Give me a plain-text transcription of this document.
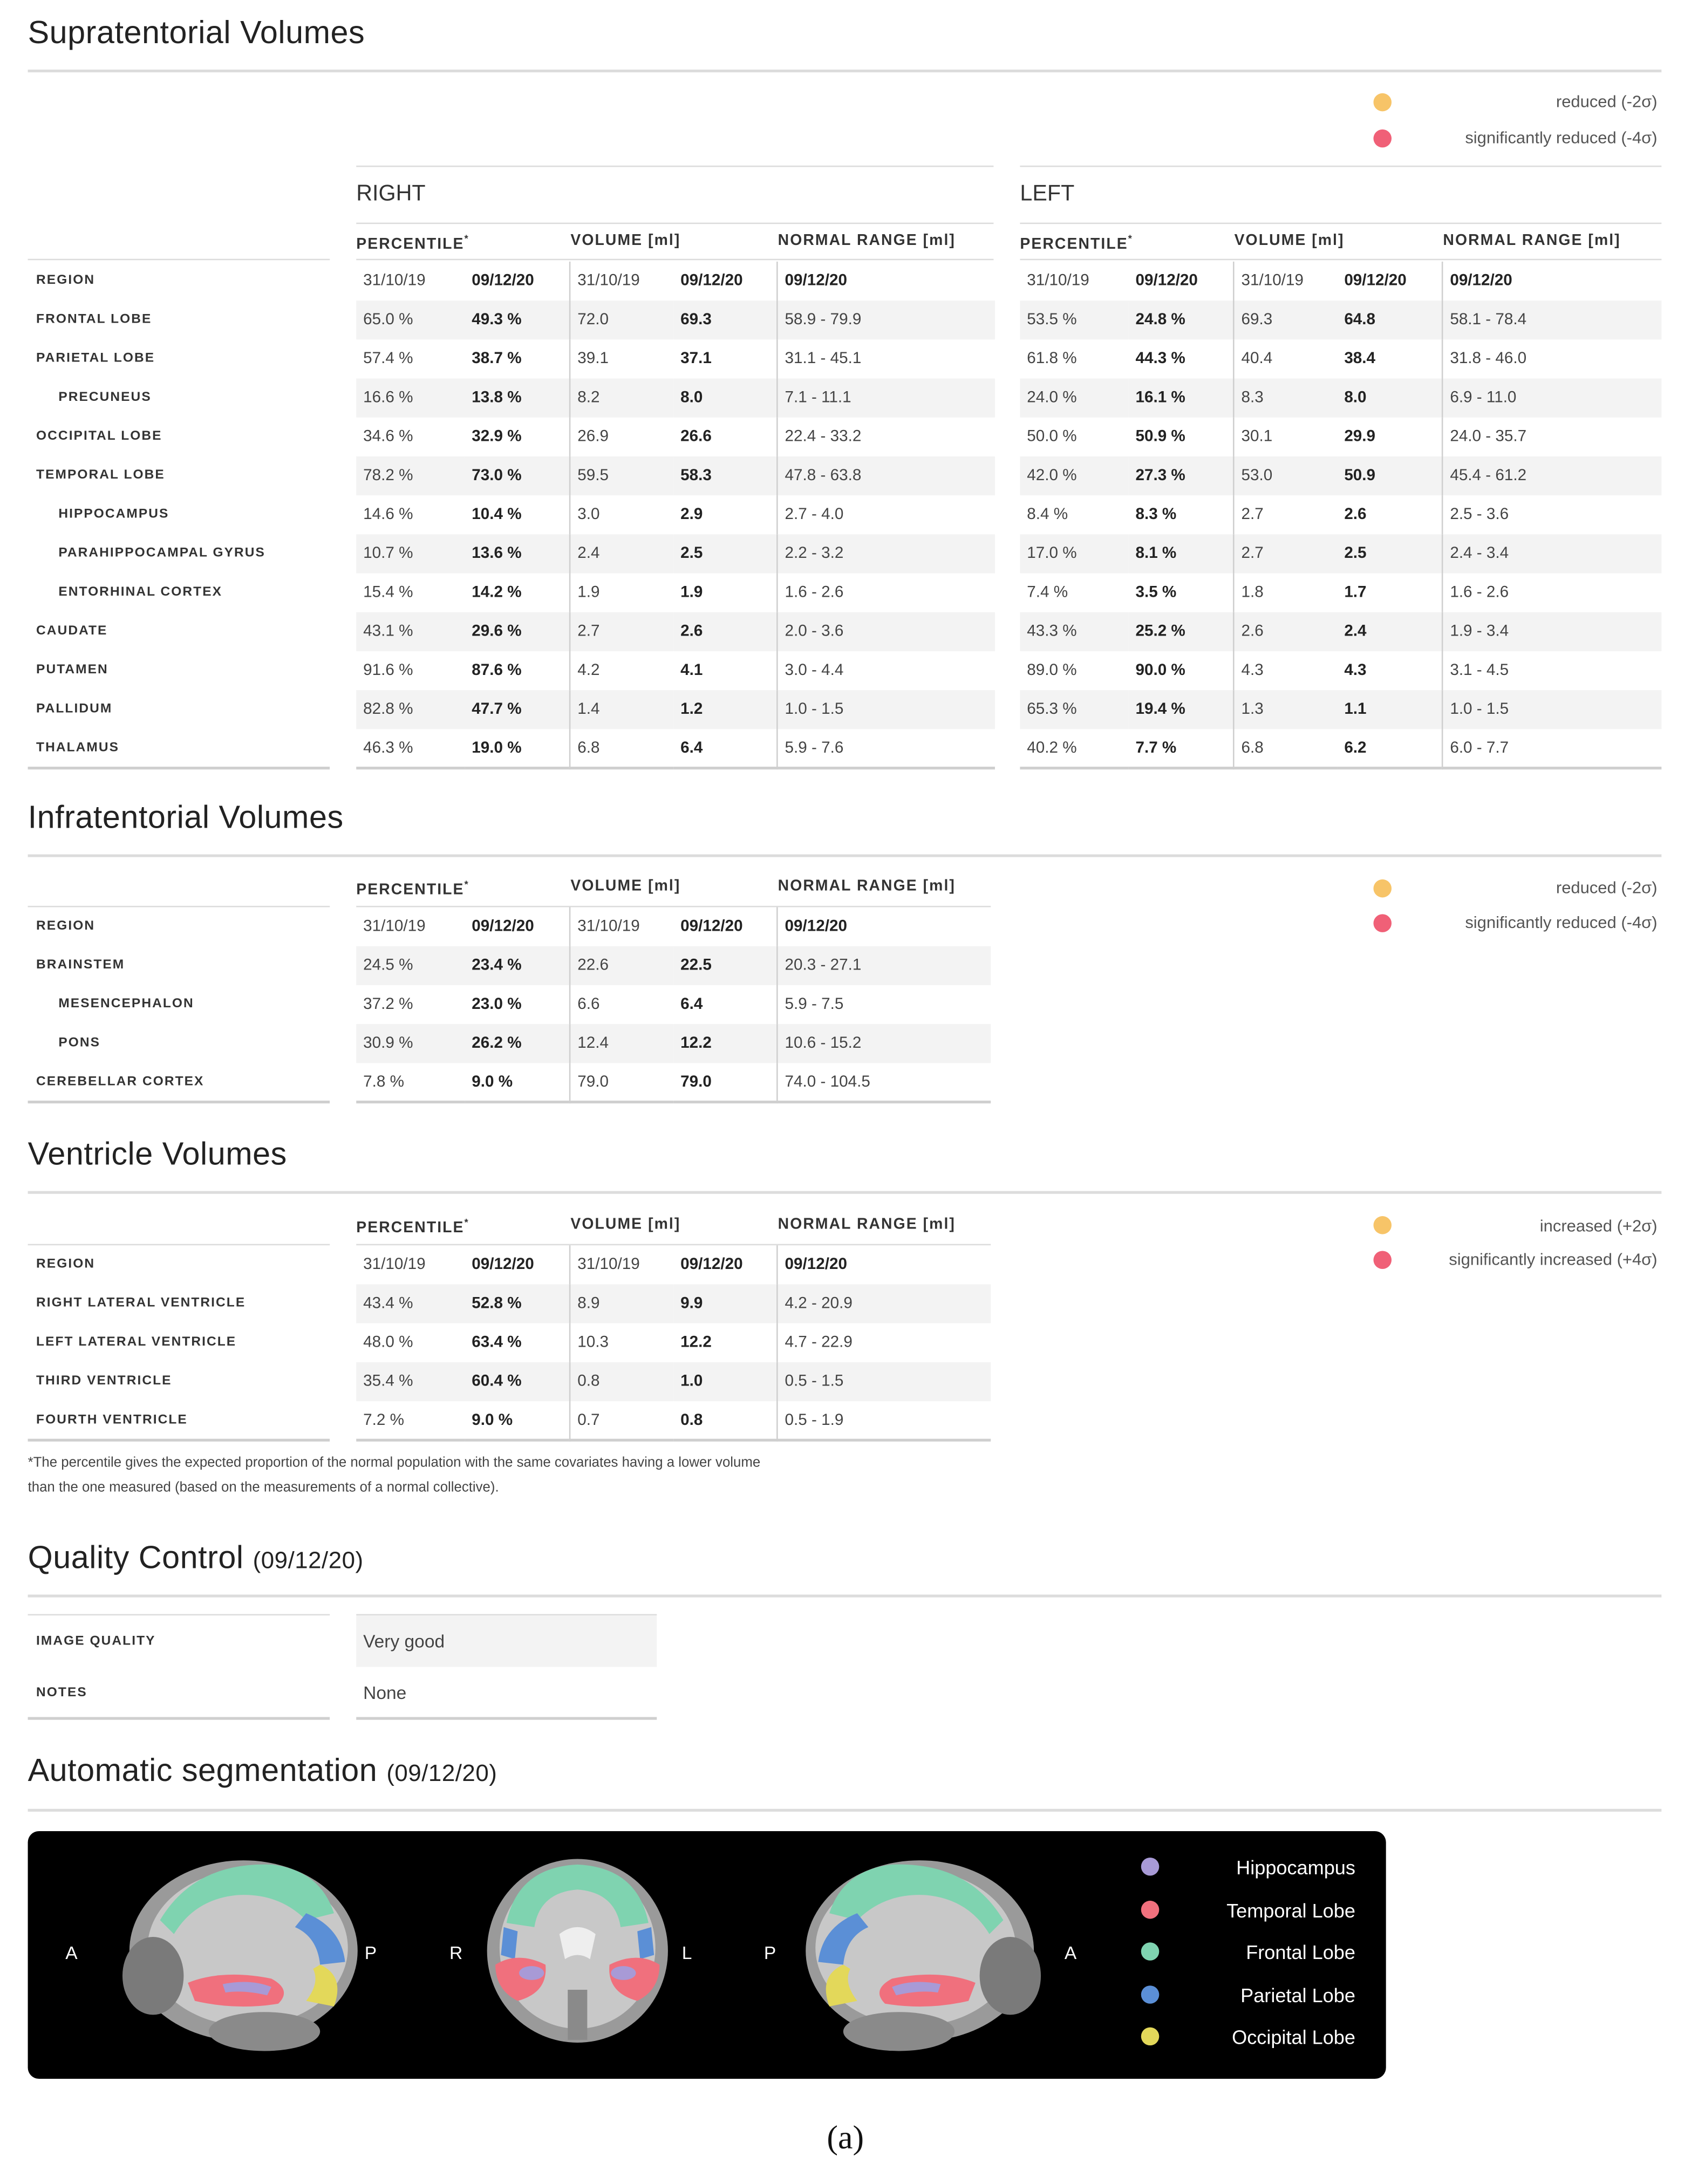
Supratentorial Volumes
reduced (-2σ)
significantly reduced (-4σ)
RIGHT	LEFT
PERCENTILE*	VOLUME [ml]	NORMAL RANGE [ml]	PERCENTILE*	VOLUME [ml]	NORMAL RANGE [ml]
REGION		31/10/19	09/12/20	31/10/19	09/12/20	09/12/20		31/10/19	09/12/20	31/10/19	09/12/20	09/12/20
FRONTAL LOBE		65.0 %	49.3 %	72.0	69.3	58.9 - 79.9		53.5 %	24.8 %	69.3	64.8	58.1 - 78.4
PARIETAL LOBE		57.4 %	38.7 %	39.1	37.1	31.1 - 45.1		61.8 %	44.3 %	40.4	38.4	31.8 - 46.0
PRECUNEUS		16.6 %	13.8 %	8.2	8.0	7.1 - 11.1		24.0 %	16.1 %	8.3	8.0	6.9 - 11.0
OCCIPITAL LOBE		34.6 %	32.9 %	26.9	26.6	22.4 - 33.2		50.0 %	50.9 %	30.1	29.9	24.0 - 35.7
TEMPORAL LOBE		78.2 %	73.0 %	59.5	58.3	47.8 - 63.8		42.0 %	27.3 %	53.0	50.9	45.4 - 61.2
HIPPOCAMPUS		14.6 %	10.4 %	3.0	2.9	2.7 - 4.0		8.4 %	8.3 %	2.7	2.6	2.5 - 3.6
PARAHIPPOCAMPAL GYRUS		10.7 %	13.6 %	2.4	2.5	2.2 - 3.2		17.0 %	8.1 %	2.7	2.5	2.4 - 3.4
ENTORHINAL CORTEX		15.4 %	14.2 %	1.9	1.9	1.6 - 2.6		7.4 %	3.5 %	1.8	1.7	1.6 - 2.6
CAUDATE		43.1 %	29.6 %	2.7	2.6	2.0 - 3.6		43.3 %	25.2 %	2.6	2.4	1.9 - 3.4
PUTAMEN		91.6 %	87.6 %	4.2	4.1	3.0 - 4.4		89.0 %	90.0 %	4.3	4.3	3.1 - 4.5
PALLIDUM		82.8 %	47.7 %	1.4	1.2	1.0 - 1.5		65.3 %	19.4 %	1.3	1.1	1.0 - 1.5
THALAMUS		46.3 %	19.0 %	6.8	6.4	5.9 - 7.6		40.2 %	7.7 %	6.8	6.2	6.0 - 7.7
Infratentorial Volumes
reduced (-2σ)
significantly reduced (-4σ)
PERCENTILE*	VOLUME [ml]	NORMAL RANGE [ml]
REGION		31/10/19	09/12/20	31/10/19	09/12/20	09/12/20
BRAINSTEM		24.5 %	23.4 %	22.6	22.5	20.3 - 27.1
MESENCEPHALON		37.2 %	23.0 %	6.6	6.4	5.9 - 7.5
PONS		30.9 %	26.2 %	12.4	12.2	10.6 - 15.2
CEREBELLAR CORTEX		7.8 %	9.0 %	79.0	79.0	74.0 - 104.5
Ventricle Volumes
increased (+2σ)
significantly increased (+4σ)
PERCENTILE*	VOLUME [ml]	NORMAL RANGE [ml]
REGION		31/10/19	09/12/20	31/10/19	09/12/20	09/12/20
RIGHT LATERAL VENTRICLE		43.4 %	52.8 %	8.9	9.9	4.2 - 20.9
LEFT LATERAL VENTRICLE		48.0 %	63.4 %	10.3	12.2	4.7 - 22.9
THIRD VENTRICLE		35.4 %	60.4 %	0.8	1.0	0.5 - 1.5
FOURTH VENTRICLE		7.2 %	9.0 %	0.7	0.8	0.5 - 1.9
*The percentile gives the expected proportion of the normal population with the same covariates having a lower volume
than the one measured (based on the measurements of a normal collective).
Quality Control (09/12/20)
IMAGE QUALITY		Very good
NOTES		None
Automatic segmentation (09/12/20)
A	P	R	L	P	A
Hippocampus
Temporal Lobe
Frontal Lobe
Parietal Lobe
Occipital Lobe
(a)
